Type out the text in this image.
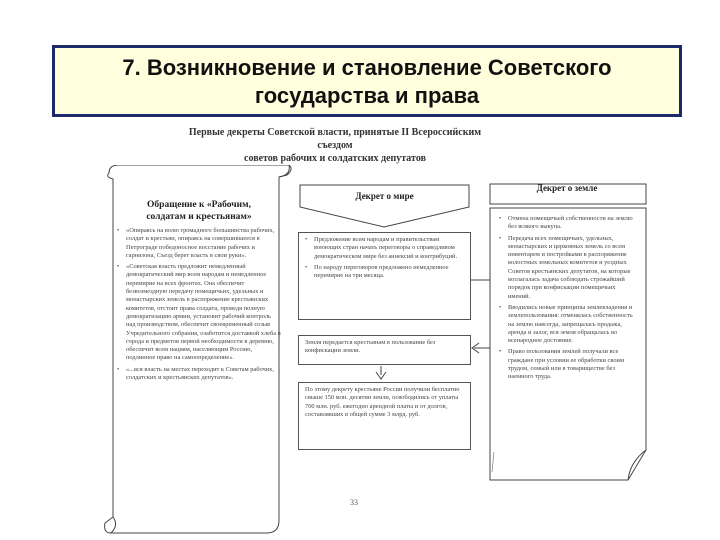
7. Возникновение и становление Советского
государства и права
Первые декреты Советской власти, принятые II Всероссийским съездом
советов рабочих и солдатских депутатов
Обращение к «Рабочим,
солдатам и крестьянам»
• «Опираясь на волю громадного большинства рабочих, солдат и крестьян, опираясь на совершившееся в Петрограде победоносное восстание рабочих и гарнизона, Съезд берет власть в свои руки».
• «Советская власть предложит немедленный демократический мир всем народам и немедленное перемирие на всех фронтах. Она обеспечит безвозмездную передачу помещичьих, удельных и монастырских земель в распоряжение крестьянских комитетов, отстоит права солдата, проведя полную демократизацию армии, установит рабочий контроль над производством, обеспечит своевременный созыв Учредительного собрания, озаботится доставкой хлеба в города и предметов первой необходимости в деревню, обеспечит всем нациям, населяющим Россию, подлинное право на самоопределение».
• «...вся власть на местах переходит к Советам рабочих, солдатских и крестьянских депутатов».
Декрет о мире
• Предложение всем народам и правительствам воюющих стран начать переговоры о справедливом демократическом мире без аннексий и контрибуций.
• По народу переговоров предложено немедленное перемирие на три месяца.
Земля передается крестьянам в пользование без конфискации земли.
По этому декрету крестьяне России получили бесплатно свыше 150 млн. десятин земли, освободились от уплаты 700 млн. руб. ежегодно арендной платы и от долгов, составлявших в общей сумме 3 млрд. руб.
Декрет о земле
• Отмена помещичьей собственности на землю без всякого выкупа.
• Передача всех помещичьих, удельных, монастырских и церковных земель со всем инвентарем и постройками в распоряжение волостных земельных комитетов и уездных Советов крестьянских депутатов, на которые возлагалась задача соблюдать строжайший порядок при конфискации помещичьих имений.
• Вводились новые принципы землевладения и землепользования: отменялась собственность на землю навсегда, запрещалась продажа, аренда и залог, вся земля обращалась во всенародное достояние.
• Право пользования землей получали все граждане при условии ее обработки своим трудом, семьей или в товариществе без наемного труда.
33
